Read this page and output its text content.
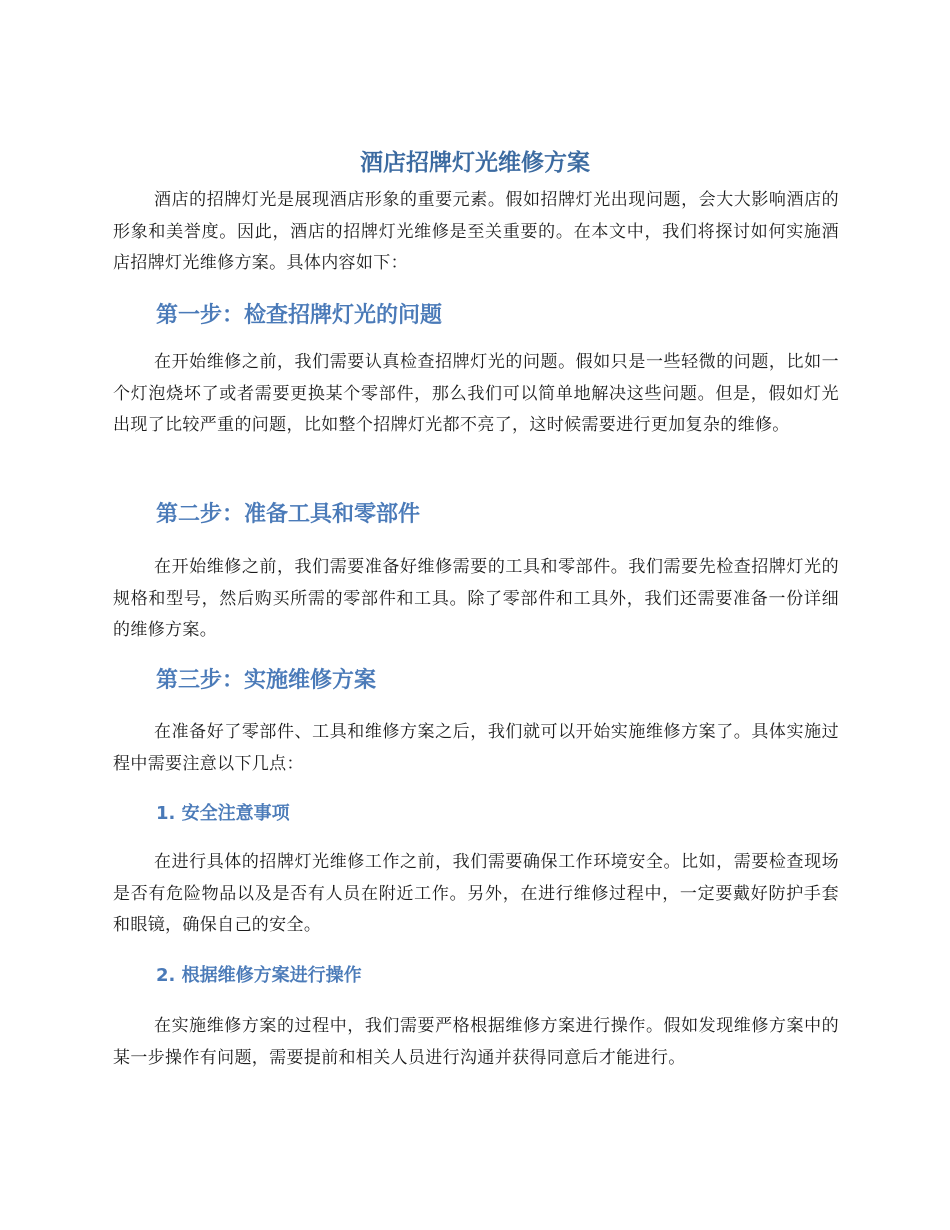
酒店招牌灯光维修方案

酒店的招牌灯光是展现酒店形象的重要元素。假如招牌灯光出现问题，会大大影响酒店的形象和美誉度。因此，酒店的招牌灯光维修是至关重要的。在本文中，我们将探讨如何实施酒店招牌灯光维修方案。具体内容如下：

第一步：检查招牌灯光的问题

在开始维修之前，我们需要认真检查招牌灯光的问题。假如只是一些轻微的问题，比如一个灯泡烧坏了或者需要更换某个零部件，那么我们可以简单地解决这些问题。但是，假如灯光出现了比较严重的问题，比如整个招牌灯光都不亮了，这时候需要进行更加复杂的维修。

第二步：准备工具和零部件

在开始维修之前，我们需要准备好维修需要的工具和零部件。我们需要先检查招牌灯光的规格和型号，然后购买所需的零部件和工具。除了零部件和工具外，我们还需要准备一份详细的维修方案。

第三步：实施维修方案

在准备好了零部件、工具和维修方案之后，我们就可以开始实施维修方案了。具体实施过程中需要注意以下几点：

1. 安全注意事项

在进行具体的招牌灯光维修工作之前，我们需要确保工作环境安全。比如，需要检查现场是否有危险物品以及是否有人员在附近工作。另外，在进行维修过程中，一定要戴好防护手套和眼镜，确保自己的安全。

2. 根据维修方案进行操作

在实施维修方案的过程中，我们需要严格根据维修方案进行操作。假如发现维修方案中的某一步操作有问题，需要提前和相关人员进行沟通并获得同意后才能进行。
